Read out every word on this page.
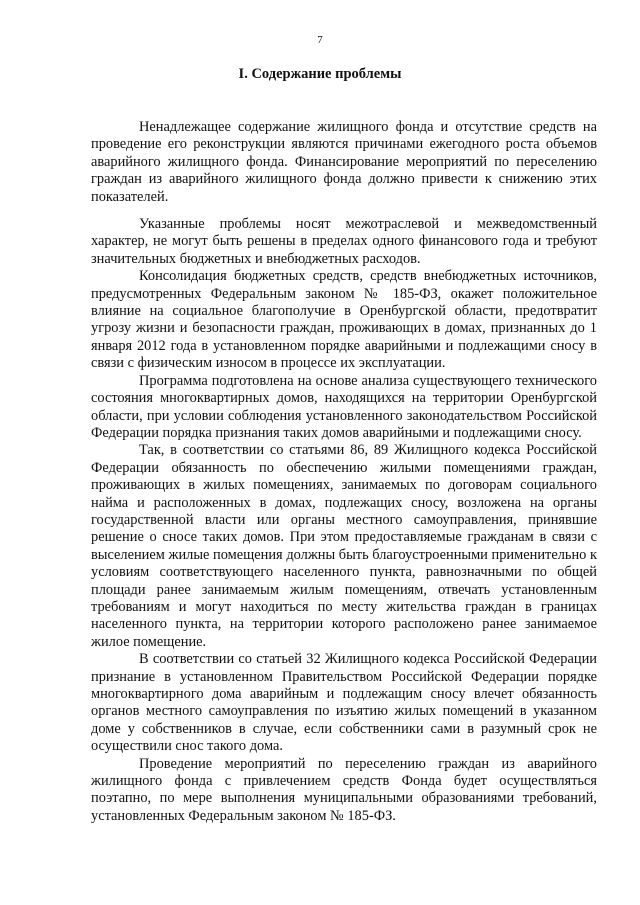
7
I. Содержание проблемы

Ненадлежащее содержание жилищного фонда и отсутствие средств на проведение его реконструкции являются причинами ежегодного роста объемов аварийного жилищного фонда. Финансирование мероприятий по переселению граждан из аварийного жилищного фонда должно привести к снижению этих показателей.

Указанные проблемы носят межотраслевой и межведомственный характер, не могут быть решены в пределах одного финансового года и требуют значительных бюджетных и внебюджетных расходов.

Консолидация бюджетных средств, средств внебюджетных источников, предусмотренных Федеральным законом № 185-ФЗ, окажет положительное влияние на социальное благополучие в Оренбургской области, предотвратит угрозу жизни и безопасности граждан, проживающих в домах, признанных до 1 января 2012 года в установленном порядке аварийными и подлежащими сносу в связи с физическим износом в процессе их эксплуатации.

Программа подготовлена на основе анализа существующего технического состояния многоквартирных домов, находящихся на территории Оренбургской области, при условии соблюдения установленного законодательством Российской Федерации порядка признания таких домов аварийными и подлежащими сносу.

Так, в соответствии со статьями 86, 89 Жилищного кодекса Российской Федерации обязанность по обеспечению жилыми помещениями граждан, проживающих в жилых помещениях, занимаемых по договорам социального найма и расположенных в домах, подлежащих сносу, возложена на органы государственной власти или органы местного самоуправления, принявшие решение о сносе таких домов. При этом предоставляемые гражданам в связи с выселением жилые помещения должны быть благоустроенными применительно к условиям соответствующего населенного пункта, равнозначными по общей площади ранее занимаемым жилым помещениям, отвечать установленным требованиям и могут находиться по месту жительства граждан в границах населенного пункта, на территории которого расположено ранее занимаемое жилое помещение.

В соответствии со статьей 32 Жилищного кодекса Российской Федерации признание в установленном Правительством Российской Федерации порядке многоквартирного дома аварийным и подлежащим сносу влечет обязанность органов местного самоуправления по изъятию жилых помещений в указанном доме у собственников в случае, если собственники сами в разумный срок не осуществили снос такого дома.

Проведение мероприятий по переселению граждан из аварийного жилищного фонда с привлечением средств Фонда будет осуществляться поэтапно, по мере выполнения муниципальными образованиями требований, установленных Федеральным законом № 185-ФЗ.
